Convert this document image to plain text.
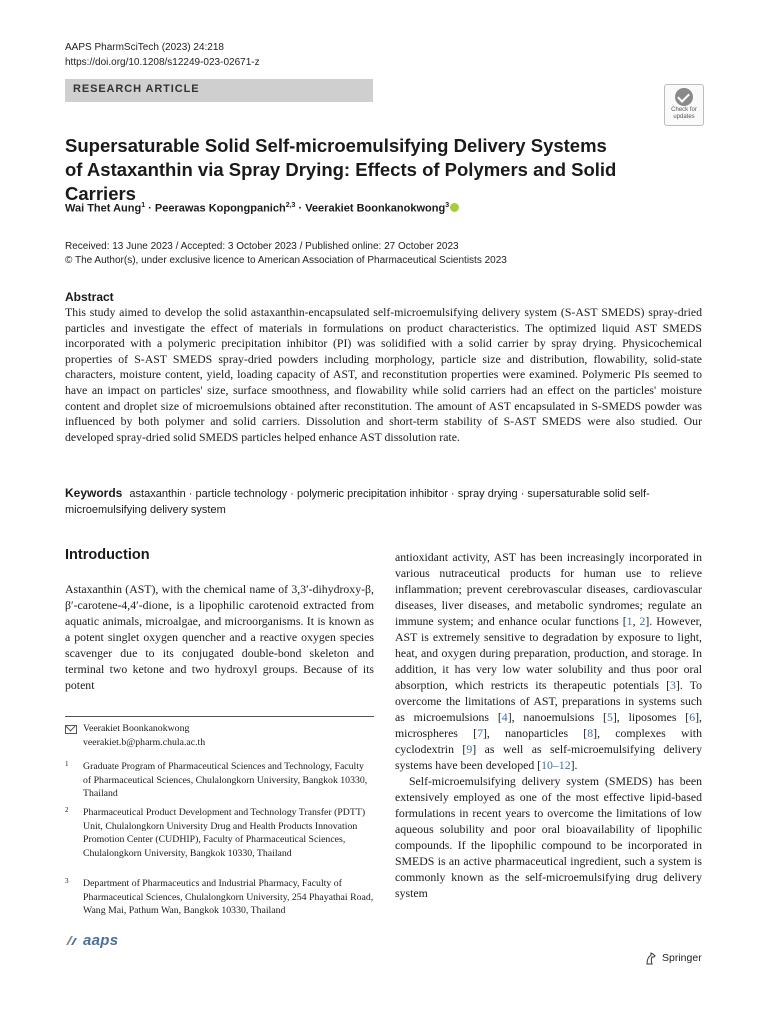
AAPS PharmSciTech (2023) 24:218
https://doi.org/10.1208/s12249-023-02671-z
RESEARCH ARTICLE
Check for
updates
Supersaturable Solid Self‑microemulsifying Delivery Systems
of Astaxanthin via Spray Drying: Effects of Polymers and Solid Carriers
Wai Thet Aung$^1$ · Peerawas Kopongpanich$^{2,3}$ · Veerakiet Boonkanokwong$^3$
Received: 13 June 2023 / Accepted: 3 October 2023 / Published online: 27 October 2023
© The Author(s), under exclusive licence to American Association of Pharmaceutical Scientists 2023
Abstract
This study aimed to develop the solid astaxanthin-encapsulated self-microemulsifying delivery system (S-AST SMEDS) spray-dried particles and investigate the effect of materials in formulations on product characteristics. The optimized liquid AST SMEDS incorporated with a polymeric precipitation inhibitor (PI) was solidified with a solid carrier by spray drying. Physicochemical properties of S-AST SMEDS spray-dried powders including morphology, particle size and distribution, flowability, solid-state characters, moisture content, yield, loading capacity of AST, and reconstitution properties were examined. Polymeric PIs seemed to have an impact on particles' size, surface smoothness, and flowability while solid carriers had an effect on the particles' moisture content and droplet size of microemulsions obtained after reconstitution. The amount of AST encapsulated in S-SMEDS powder was influenced by both polymer and solid carriers. Dissolution and short-term stability of S-AST SMEDS were also studied. Our developed spray-dried solid SMEDS particles helped enhance AST dissolution rate.
Keywords astaxanthin · particle technology · polymeric precipitation inhibitor · spray drying · supersaturable solid self-microemulsifying delivery system
Introduction
Astaxanthin (AST), with the chemical name of 3,3′-dihydroxy-β, β′-carotene-4,4′-dione, is a lipophilic carotenoid extracted from aquatic animals, microalgae, and microorganisms. It is known as a potent singlet oxygen quencher and a reactive oxygen species scavenger due to its conjugated double-bond skeleton and terminal two ketone and two hydroxyl groups. Because of its potent

antioxidant activity, AST has been increasingly incorporated in various nutraceutical products for human use to relieve inflammation; prevent cerebrovascular diseases, cardiovascular diseases, liver diseases, and metabolic syndromes; regulate an immune system; and enhance ocular functions [1, 2]. However, AST is extremely sensitive to degradation by exposure to light, heat, and oxygen during preparation, production, and storage. In addition, it has very low water solubility and thus poor oral absorption, which restricts its therapeutic potentials [3]. To overcome the limitations of AST, preparations in systems such as microemulsions [4], nanoemulsions [5], liposomes [6], microspheres [7], nanoparticles [8], complexes with cyclodextrin [9] as well as self-microemulsifying delivery systems have been developed [10–12].

Self-microemulsifying delivery system (SMEDS) has been extensively employed as one of the most effective lipid-based formulations in recent years to overcome the limitations of low aqueous solubility and poor oral bioavailability of lipophilic compounds. If the lipophilic compound to be incorporated in SMEDS is an active pharmaceutical ingredient, such a system is commonly known as the self-microemulsifying drug delivery system

Veerakiet Boonkanokwong
veerakiet.b@pharm.chula.ac.th
1 Graduate Program of Pharmaceutical Sciences and Technology, Faculty of Pharmaceutical Sciences, Chulalongkorn University, Bangkok 10330, Thailand
2 Pharmaceutical Product Development and Technology Transfer (PDTT) Unit, Chulalongkorn University Drug and Health Products Innovation Promotion Center (CUDHIP), Faculty of Pharmaceutical Sciences, Chulalongkorn University, Bangkok 10330, Thailand
3 Department of Pharmaceutics and Industrial Pharmacy, Faculty of Pharmaceutical Sciences, Chulalongkorn University, 254 Phayathai Road, Wang Mai, Pathum Wan, Bangkok 10330, Thailand
aaps
Springer
